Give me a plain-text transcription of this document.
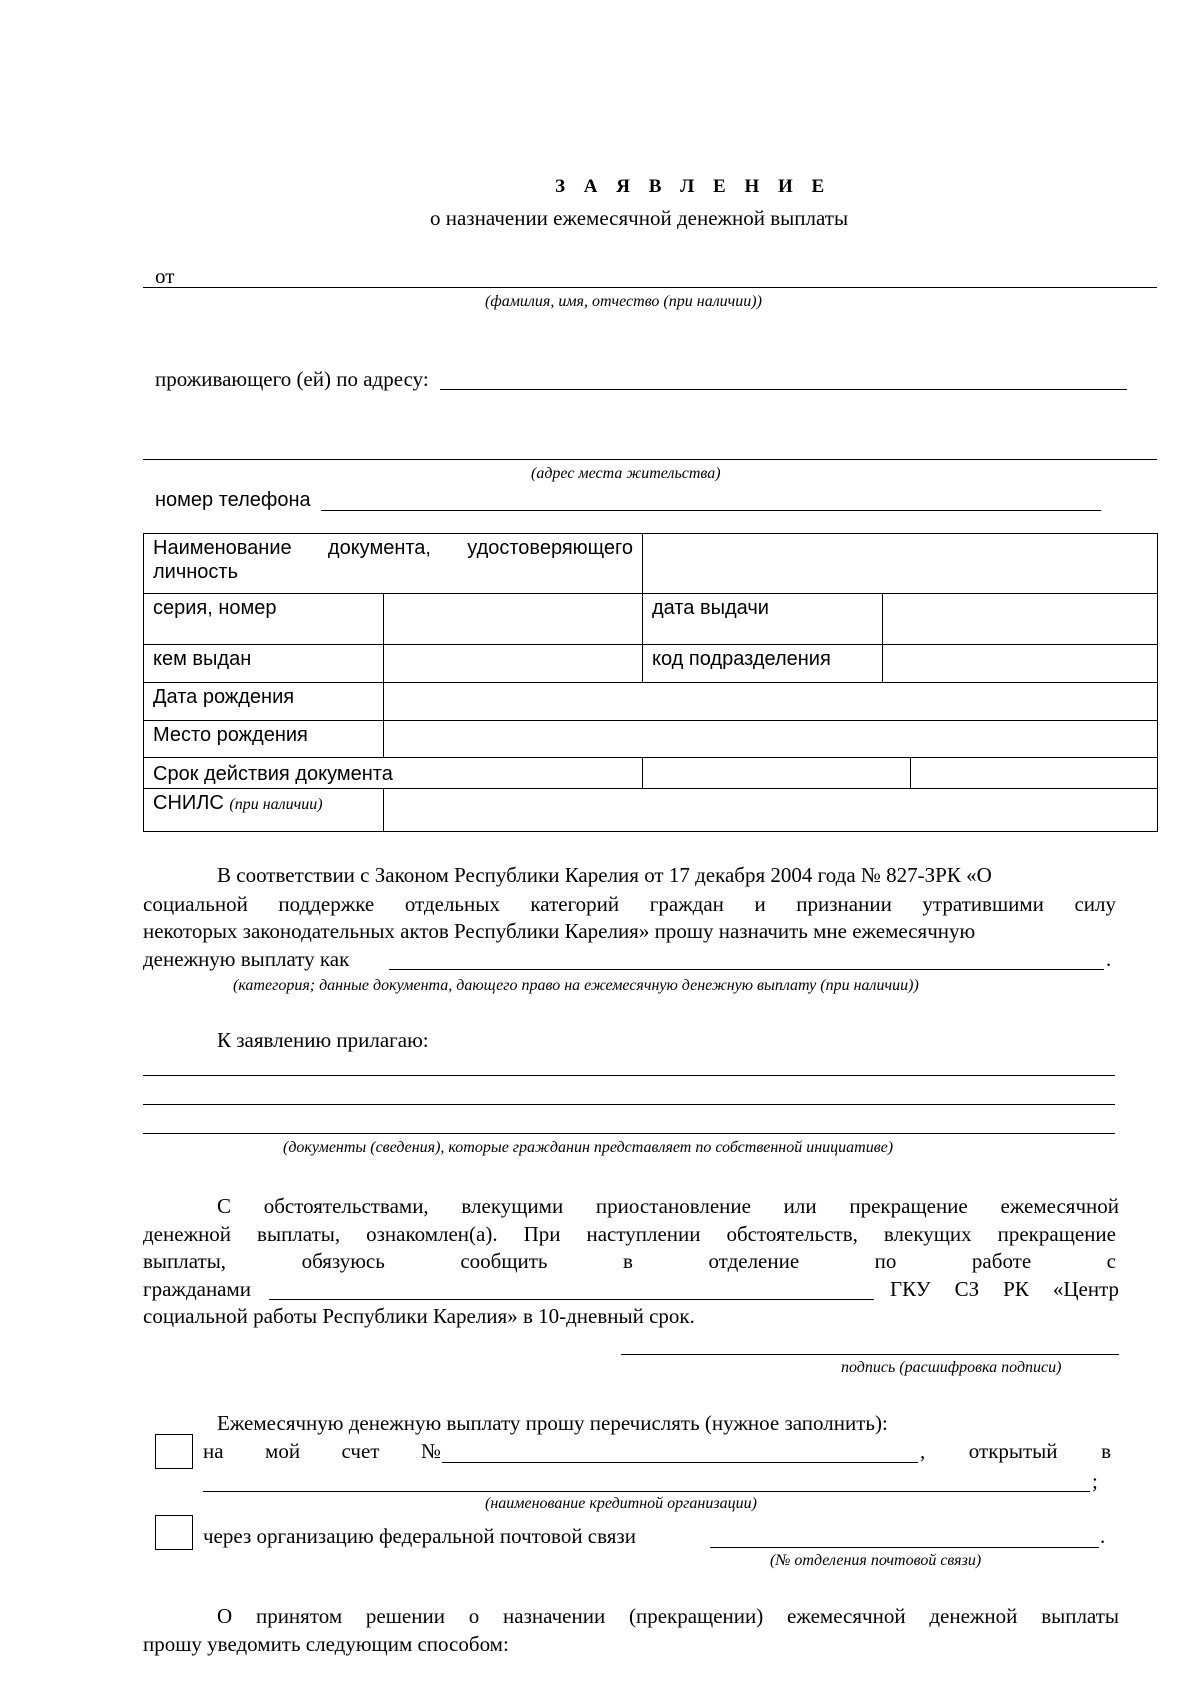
З А Я В Л Е Н И Е
о назначении ежемесячной денежной выплаты
от
(фамилия, имя, отчество (при наличии))
проживающего (ей) по адресу:
(адрес места жительства)
номер телефона
Наименование документа, удостоверяющего личность				
серия, номер		дата выдачи		
кем выдан		код подразделения		
Дата рождения				
Место рождения				
Срок действия документа				
СНИЛС (при наличии)				
В соответствии с Законом Республики Карелия от 17 декабря 2004 года № 827-ЗРК «О
социальной поддержке отдельных категорий граждан и признании утратившими силу
некоторых законодательных актов Республики Карелия» прошу назначить мне ежемесячную
денежную выплату как	.
(категория; данные документа, дающего право на ежемесячную денежную выплату (при наличии))
К заявлению прилагаю:
(документы (сведения), которые гражданин представляет по собственной инициативе)
С обстоятельствами, влекущими приостановление или прекращение ежемесячной
денежной выплаты, ознакомлен(а). При наступлении обстоятельств, влекущих прекращение
выплаты, обязуюсь сообщить в отделение по работе с
гражданами	ГКУ СЗ РК «Центр
социальной работы Республики Карелия» в 10-дневный срок.
подпись (расшифровка подписи)
Ежемесячную денежную выплату прошу перечислять (нужное заполнить):
на мой счет №	, открытый в
;
(наименование кредитной организации)
через организацию федеральной почтовой связи	.
(№ отделения почтовой связи)
О принятом решении о назначении (прекращении) ежемесячной денежной выплаты
прошу уведомить следующим способом:
